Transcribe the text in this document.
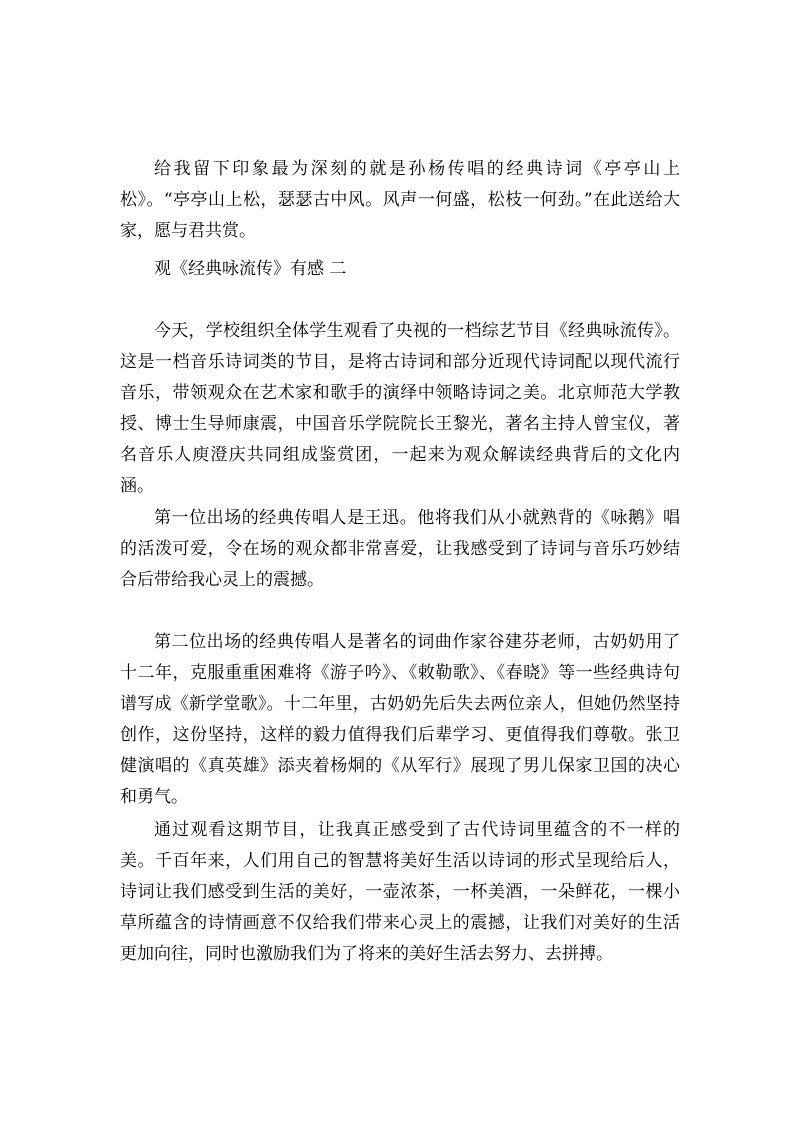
给我留下印象最为深刻的就是孙杨传唱的经典诗词《亭亭山上松》。“亭亭山上松，瑟瑟古中风。风声一何盛，松枝一何劲。”在此送给大家，愿与君共赏。

观《经典咏流传》有感 二

今天，学校组织全体学生观看了央视的一档综艺节目《经典咏流传》。这是一档音乐诗词类的节目，是将古诗词和部分近现代诗词配以现代流行音乐，带领观众在艺术家和歌手的演绎中领略诗词之美。北京师范大学教授、博士生导师康震，中国音乐学院院长王黎光，著名主持人曾宝仪，著名音乐人庾澄庆共同组成鉴赏团，一起来为观众解读经典背后的文化内涵。

第一位出场的经典传唱人是王迅。他将我们从小就熟背的《咏鹅》唱的活泼可爱，令在场的观众都非常喜爱，让我感受到了诗词与音乐巧妙结合后带给我心灵上的震撼。

第二位出场的经典传唱人是著名的词曲作家谷建芬老师，古奶奶用了十二年，克服重重困难将《游子吟》、《敕勒歌》、《春晓》等一些经典诗句谱写成《新学堂歌》。十二年里，古奶奶先后失去两位亲人，但她仍然坚持创作，这份坚持，这样的毅力值得我们后辈学习、更值得我们尊敬。张卫健演唱的《真英雄》添夹着杨烔的《从军行》展现了男儿保家卫国的决心和勇气。

通过观看这期节目，让我真正感受到了古代诗词里蕴含的不一样的美。千百年来，人们用自己的智慧将美好生活以诗词的形式呈现给后人，诗词让我们感受到生活的美好，一壶浓茶，一杯美酒，一朵鲜花，一棵小草所蕴含的诗情画意不仅给我们带来心灵上的震撼，让我们对美好的生活更加向往，同时也激励我们为了将来的美好生活去努力、去拼搏。
